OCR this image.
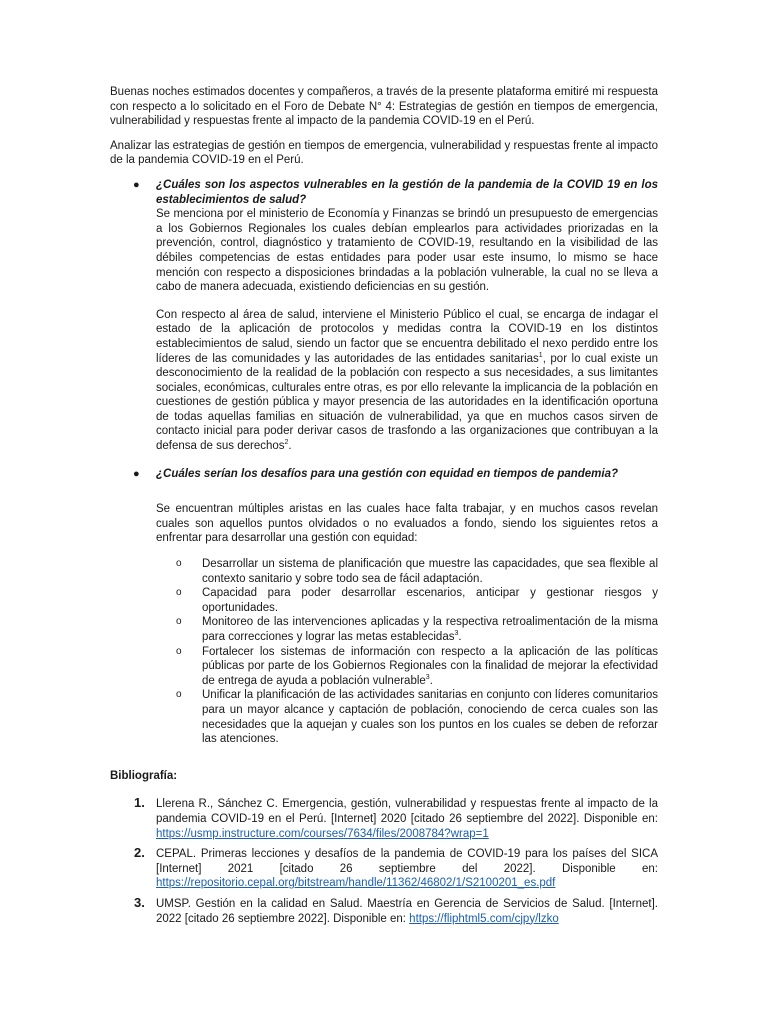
Buenas noches estimados docentes y compañeros, a través de la presente plataforma emitiré mi respuesta con respecto a lo solicitado en el Foro de Debate N° 4: Estrategias de gestión en tiempos de emergencia, vulnerabilidad y respuestas frente al impacto de la pandemia COVID-19 en el Perú.

Analizar las estrategias de gestión en tiempos de emergencia, vulnerabilidad y respuestas frente al impacto de la pandemia COVID-19 en el Perú.

● ¿Cuáles son los aspectos vulnerables en la gestión de la pandemia de la COVID 19 en los establecimientos de salud?

Se menciona por el ministerio de Economía y Finanzas se brindó un presupuesto de emergencias a los Gobiernos Regionales los cuales debían emplearlos para actividades priorizadas en la prevención, control, diagnóstico y tratamiento de COVID-19, resultando en la visibilidad de las débiles competencias de estas entidades para poder usar este insumo, lo mismo se hace mención con respecto a disposiciones brindadas a la población vulnerable, la cual no se lleva a cabo de manera adecuada, existiendo deficiencias en su gestión.

Con respecto al área de salud, interviene el Ministerio Público el cual, se encarga de indagar el estado de la aplicación de protocolos y medidas contra la COVID-19 en los distintos establecimientos de salud, siendo un factor que se encuentra debilitado el nexo perdido entre los líderes de las comunidades y las autoridades de las entidades sanitarias$^1$, por lo cual existe un desconocimiento de la realidad de la población con respecto a sus necesidades, a sus limitantes sociales, económicas, culturales entre otras, es por ello relevante la implicancia de la población en cuestiones de gestión pública y mayor presencia de las autoridades en la identificación oportuna de todas aquellas familias en situación de vulnerabilidad, ya que en muchos casos sirven de contacto inicial para poder derivar casos de trasfondo a las organizaciones que contribuyan a la defensa de sus derechos$^2$.

● ¿Cuáles serían los desafíos para una gestión con equidad en tiempos de pandemia?

Se encuentran múltiples aristas en las cuales hace falta trabajar, y en muchos casos revelan cuales son aquellos puntos olvidados o no evaluados a fondo, siendo los siguientes retos a enfrentar para desarrollar una gestión con equidad:

o Desarrollar un sistema de planificación que muestre las capacidades, que sea flexible al contexto sanitario y sobre todo sea de fácil adaptación.
o Capacidad para poder desarrollar escenarios, anticipar y gestionar riesgos y oportunidades.
o Monitoreo de las intervenciones aplicadas y la respectiva retroalimentación de la misma para correcciones y lograr las metas establecidas$^3$.
o Fortalecer los sistemas de información con respecto a la aplicación de las políticas públicas por parte de los Gobiernos Regionales con la finalidad de mejorar la efectividad de entrega de ayuda a población vulnerable$^3$.
o Unificar la planificación de las actividades sanitarias en conjunto con líderes comunitarios para un mayor alcance y captación de población, conociendo de cerca cuales son las necesidades que la aquejan y cuales son los puntos en los cuales se deben de reforzar las atenciones.
Bibliografía:
1. Llerena R., Sánchez C. Emergencia, gestión, vulnerabilidad y respuestas frente al impacto de la pandemia COVID-19 en el Perú. [Internet] 2020 [citado 26 septiembre del 2022]. Disponible en: https://usmp.instructure.com/courses/7634/files/2008784?wrap=1
2. CEPAL. Primeras lecciones y desafíos de la pandemia de COVID-19 para los países del SICA [Internet] 2021 [citado 26 septiembre del 2022]. Disponible en: https://repositorio.cepal.org/bitstream/handle/11362/46802/1/S2100201_es.pdf
3. UMSP. Gestión en la calidad en Salud. Maestría en Gerencia de Servicios de Salud. [Internet]. 2022 [citado 26 septiembre 2022]. Disponible en: https://fliphtml5.com/cjpy/lzko
